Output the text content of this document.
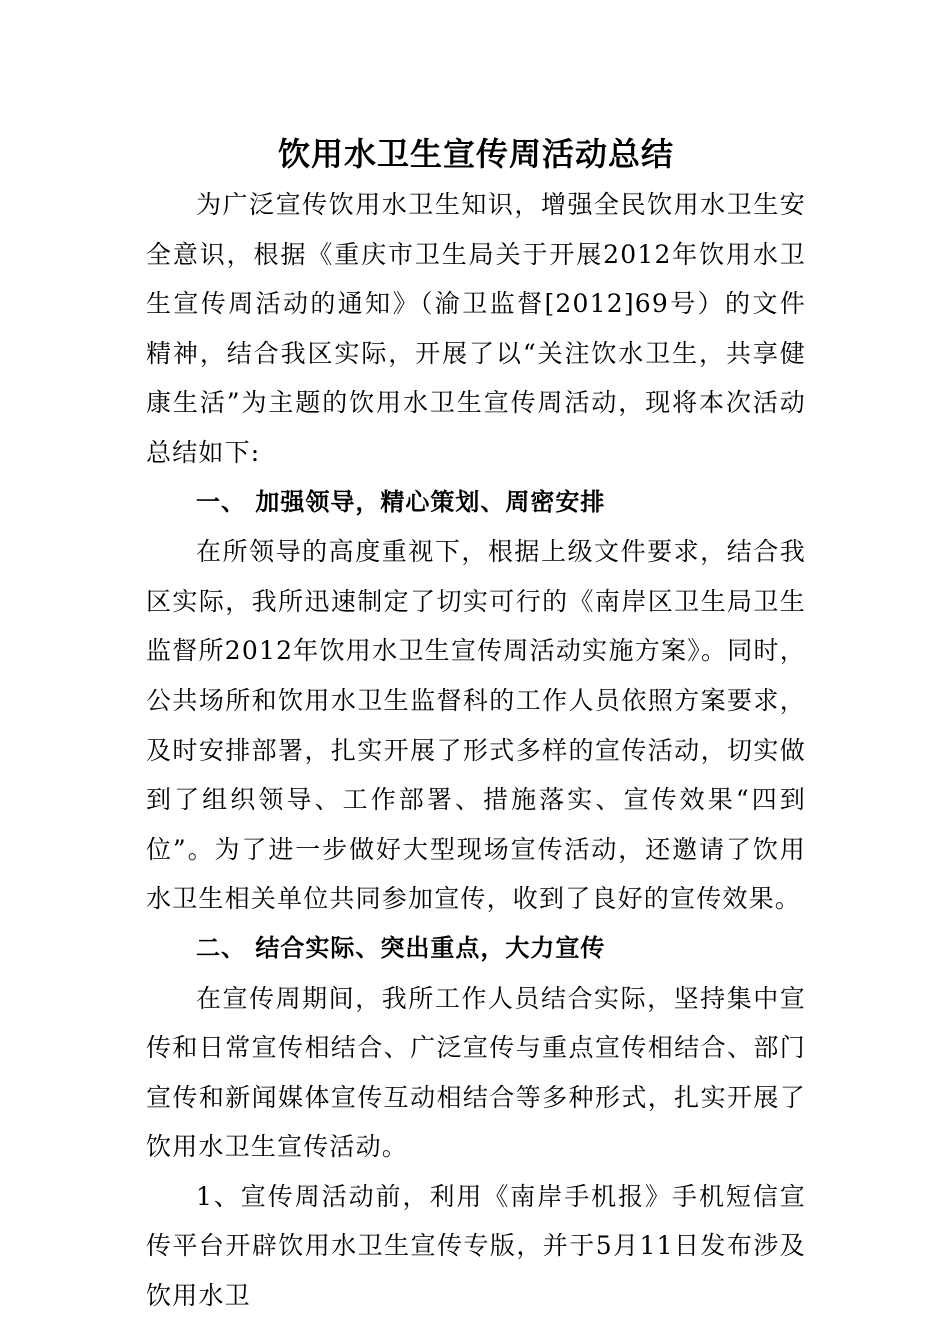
饮用水卫生宣传周活动总结

为广泛宣传饮用水卫生知识，增强全民饮用水卫生安全意识，根据《重庆市卫生局关于开展2012年饮用水卫生宣传周活动的通知》（渝卫监督[2012]69号）的文件精神，结合我区实际，开展了以“关注饮水卫生，共享健康生活”为主题的饮用水卫生宣传周活动，现将本次活动总结如下:

一、 加强领导，精心策划、周密安排

在所领导的高度重视下，根据上级文件要求，结合我区实际，我所迅速制定了切实可行的《南岸区卫生局卫生监督所2012年饮用水卫生宣传周活动实施方案》。同时，公共场所和饮用水卫生监督科的工作人员依照方案要求，及时安排部署，扎实开展了形式多样的宣传活动，切实做到了组织领导、工作部署、措施落实、宣传效果“四到位”。为了进一步做好大型现场宣传活动，还邀请了饮用水卫生相关单位共同参加宣传，收到了良好的宣传效果。

二、 结合实际、突出重点，大力宣传

在宣传周期间，我所工作人员结合实际，坚持集中宣传和日常宣传相结合、广泛宣传与重点宣传相结合、部门宣传和新闻媒体宣传互动相结合等多种形式，扎实开展了饮用水卫生宣传活动。

1、宣传周活动前，利用《南岸手机报》手机短信宣传平台开辟饮用水卫生宣传专版，并于5月11日发布涉及饮用水卫
